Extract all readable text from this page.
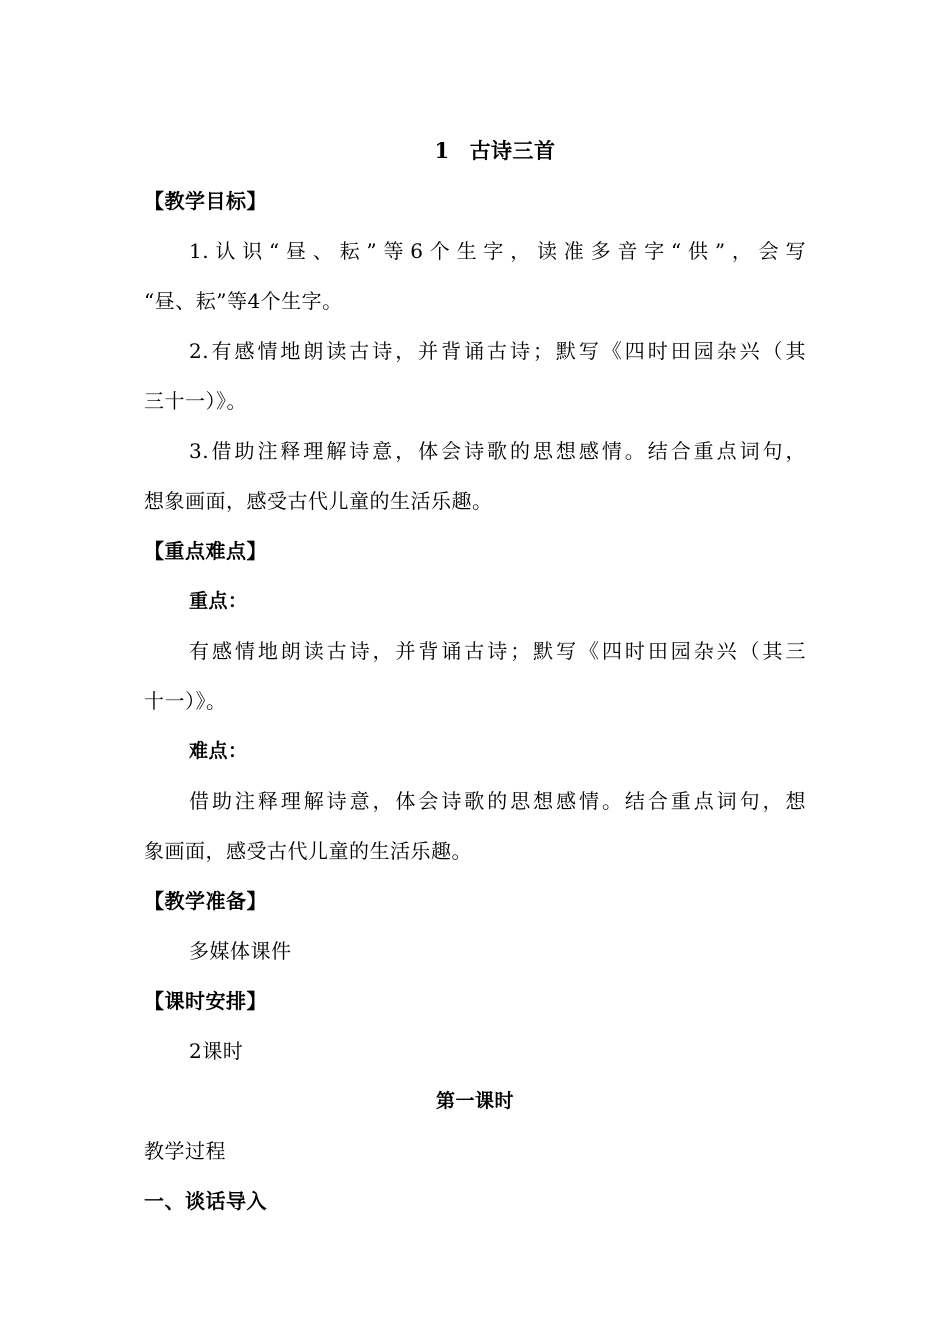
1 古诗三首
【教学目标】
1.认识“昼、耘”等6个生字，读准多音字“供”，会写
“昼、耘”等4个生字。
2.有感情地朗读古诗，并背诵古诗；默写《四时田园杂兴（其
三十一）》。
3.借助注释理解诗意，体会诗歌的思想感情。结合重点词句，
想象画面，感受古代儿童的生活乐趣。
【重点难点】
重点：
有感情地朗读古诗，并背诵古诗；默写《四时田园杂兴（其三
十一）》。
难点：
借助注释理解诗意，体会诗歌的思想感情。结合重点词句，想
象画面，感受古代儿童的生活乐趣。
【教学准备】
多媒体课件
【课时安排】
2课时
第一课时
教学过程
一、谈话导入
